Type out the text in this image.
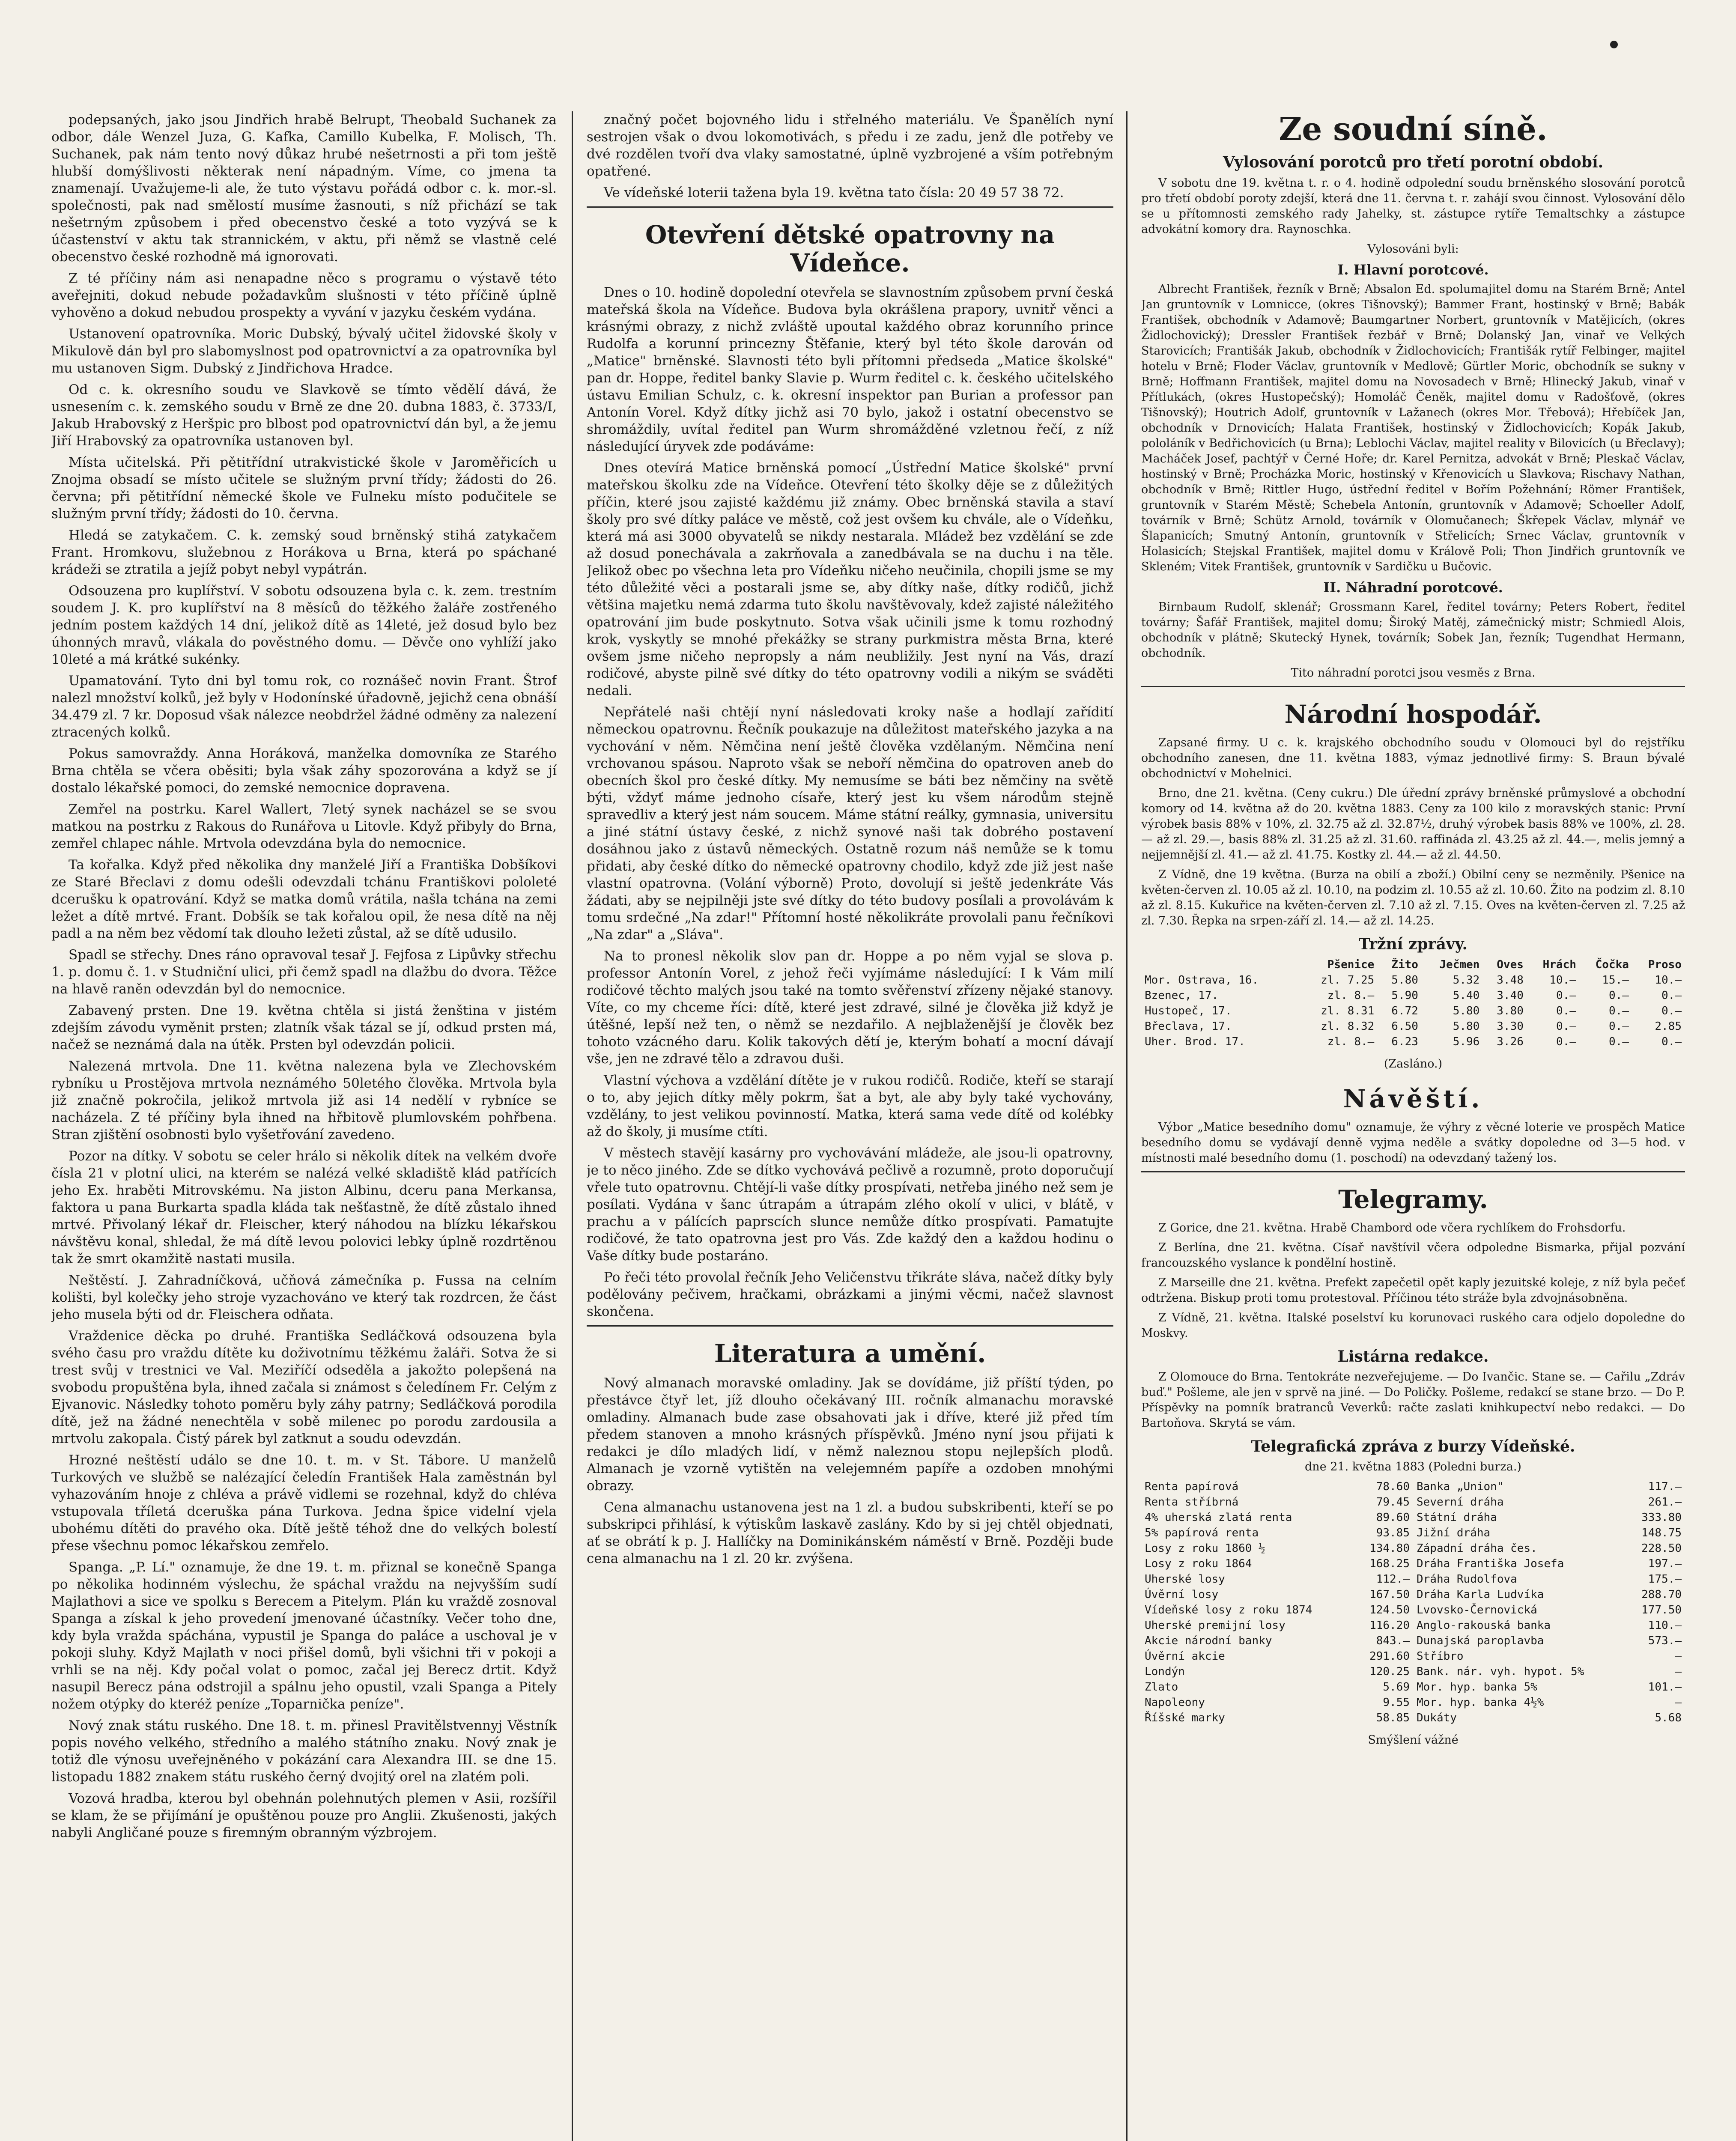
podepsaných, jako jsou Jindřich hrabě Belrupt, Theobald Suchanek za odbor, dále Wenzel Juza, G. Kafka, Camillo Kubelka, F. Molisch, Th. Suchanek, pak nám tento nový důkaz hrubé nešetrnosti a při tom ještě hlubší domýšlivosti některak není nápadným. Víme, co jmena ta znamenají. Uvažujeme-li ale, že tuto výstavu pořádá odbor c. k. mor.-sl. společnosti, pak nad smělostí musíme žasnouti, s níž přichází se tak nešetrným způsobem i před obecenstvo české a toto vyzývá se k účastenství v aktu tak strannickém, v aktu, při němž se vlastně celé obecenstvo české rozhodně má ignorovati.

Z té příčiny nám asi nenapadne něco s programu o výstavě této aveřejniti, dokud nebude požadavkům slušnosti v této příčině úplně vyhověno a dokud nebudou prospekty a vyvání v jazyku českém vydána.

Ustanovení opatrovníka. Moric Dubský, bývalý učitel židovské školy v Mikulově dán byl pro slabomyslnost pod opatrovnictví a za opatrovníka byl mu ustanoven Sigm. Dubský z Jindřichova Hradce.

Od c. k. okresního soudu ve Slavkově se tímto vědělí dává, že usnesením c. k. zemského soudu v Brně ze dne 20. dubna 1883, č. 3733/I, Jakub Hrabovský z Heršpic pro blbost pod opatrovnictví dán byl, a že jemu Jiří Hrabovský za opatrovníka ustanoven byl.

Místa učitelská. Při pětitřídní utrakvistické škole v Jaroměřicích u Znojma obsadí se místo učitele se služným první třídy; žádosti do 26. června; při pětitřídní německé škole ve Fulneku místo podučitele se služným první třídy; žádosti do 10. června.

Hledá se zatykačem. C. k. zemský soud brněnský stihá zatykačem Frant. Hromkovu, služebnou z Horákova u Brna, která po spáchané krádeži se ztratila a jejíž pobyt nebyl vypátrán.

Odsouzena pro kuplířství. V sobotu odsouzena byla c. k. zem. trestním soudem J. K. pro kuplířství na 8 měsíců do těžkého žaláře zostřeného jedním postem každých 14 dní, jelikož dítě as 14leté, jež dosud bylo bez úhonných mravů, vlákala do pověstného domu. — Děvče ono vyhlíží jako 10leté a má krátké sukénky.

Upamatování. Tyto dni byl tomu rok, co roznášeč novin Frant. Štrof nalezl množství kolků, jež byly v Hodonínské úřadovně, jejichž cena obnáší 34.479 zl. 7 kr. Doposud však nálezce neobdržel žádné odměny za nalezení ztracených kolků.

Pokus samovraždy. Anna Horáková, manželka domovníka ze Starého Brna chtěla se včera oběsiti; byla však záhy spozorována a když se jí dostalo lékařské pomoci, do zemské nemocnice dopravena.

Zemřel na postrku. Karel Wallert, 7letý synek nacházel se se svou matkou na postrku z Rakous do Runářova u Litovle. Když přibyly do Brna, zemřel chlapec náhle. Mrtvola odevzdána byla do nemocnice.

Ta kořalka. Když před několika dny manželé Jiří a Františka Dobšíkovi ze Staré Břeclavi z domu odešli odevzdali tchánu Františkovi pololeté dcerušku k opatrování. Když se matka domů vrátila, našla tchána na zemi ležet a dítě mrtvé. Frant. Dobšík se tak kořalou opil, že nesa dítě na něj padl a na něm bez vědomí tak dlouho ležeti zůstal, až se dítě udusilo.

Spadl se střechy. Dnes ráno opravoval tesař J. Fejfosa z Lipůvky střechu 1. p. domu č. 1. v Studniční ulici, při čemž spadl na dlažbu do dvora. Těžce na hlavě raněn odevzdán byl do nemocnice.

Zabavený prsten. Dne 19. května chtěla si jistá ženština v jistém zdejším závodu vyměnit prsten; zlatník však tázal se jí, odkud prsten má, načež se neznámá dala na útěk. Prsten byl odevzdán policii.

Nalezená mrtvola. Dne 11. května nalezena byla ve Zlechovském rybníku u Prostějova mrtvola neznámého 50letého člověka. Mrtvola byla již značně pokročila, jelikož mrtvola již asi 14 nedělí v rybníce se nacházela. Z té příčiny byla ihned na hřbitově plumlovském pohřbena. Stran zjištění osobnosti bylo vyšetřování zavedeno.

Pozor na dítky. V sobotu se celer hrálo si několik dítek na velkém dvoře čísla 21 v plotní ulici, na kterém se nalézá velké skladiště klád patřících jeho Ex. hraběti Mitrovskému. Na jiston Albinu, dceru pana Merkansa, faktora u pana Burkarta spadla kláda tak nešťastně, že dítě zůstalo ihned mrtvé. Přivolaný lékař dr. Fleischer, který náhodou na blízku lékařskou návštěvu konal, shledal, že má dítě levou polovici lebky úplně rozdrtěnou tak že smrt okamžitě nastati musila.

Neštěstí. J. Zahradníčková, učňová zámečníka p. Fussa na celním kolišti, byl kolečky jeho stroje vyzachováno ve který tak rozdrcen, že část jeho musela býti od dr. Fleischera odňata.

Vraždenice děcka po druhé. Františka Sedláčková odsouzena byla svého času pro vraždu dítěte ku doživotnímu těžkému žaláři. Sotva že si trest svůj v trestnici ve Val. Meziříčí odseděla a jakožto polepšená na svobodu propuštěna byla, ihned začala si známost s čeledínem Fr. Celým z Ejvanovic. Následky tohoto poměru byly záhy patrny; Sedláčková porodila dítě, jež na žádné nenechtěla v sobě milenec po porodu zardousila a mrtvolu zakopala. Čistý párek byl zatknut a soudu odevzdán.

Hrozné neštěstí událo se dne 10. t. m. v St. Tábore. U manželů Turkových ve službě se nalézající čeledín František Hala zaměstnán byl vyhazováním hnoje z chléva a právě vidlemi se rozehnal, když do chléva vstupovala tříletá dceruška pána Turkova. Jedna špice videlní vjela ubohému dítěti do pravého oka. Dítě ještě téhož dne do velkých bolestí přese všechnu pomoc lékařskou zemřelo.

Spanga. „P. Lí." oznamuje, že dne 19. t. m. přiznal se konečně Spanga po několika hodinném výslechu, že spáchal vraždu na nejvyšším sudí Majlathovi a sice ve spolku s Berecem a Pitelym. Plán ku vraždě zosnoval Spanga a získal k jeho provedení jmenované účastníky. Večer toho dne, kdy byla vražda spáchána, vypustil je Spanga do paláce a uschoval je v pokoji sluhy. Když Majlath v noci přišel domů, byli všichni tři v pokoji a vrhli se na něj. Kdy počal volat o pomoc, začal jej Berecz drtit. Když nasupil Berecz pána odstrojil a spálnu jeho opustil, vzali Spanga a Pitely nožem otýpky do kteréž peníze „Toparnička peníze".

Nový znak státu ruského. Dne 18. t. m. přinesl Pravitělstvennyj Věstník popis nového velkého, středního a malého státního znaku. Nový znak je totiž dle výnosu uveřejněného v pokázání cara Alexandra III. se dne 15. listopadu 1882 znakem státu ruského černý dvojitý orel na zlatém poli.

Vozová hradba, kterou byl obehnán polehnutých plemen v Asii, rozšířil se klam, že se přijímání je opuštěnou pouze pro Anglii. Zkušenosti, jakých nabyli Angličané pouze s firemným obranným výzbrojem.

značný počet bojovného lidu i střelného materiálu. Ve Španělích nyní sestrojen však o dvou lokomotivách, s předu i ze zadu, jenž dle potřeby ve dvé rozdělen tvoří dva vlaky samostatné, úplně vyzbrojené a vším potřebným opatřené.

Ve vídeňské loterii tažena byla 19. května tato čísla: 20 49 57 38 72.

Otevření dětské opatrovny na Vídeňce.

Dnes o 10. hodině dopolední otevřela se slavnostním způsobem první česká mateřská škola na Vídeňce. Budova byla okrášlena prapory, uvnitř věnci a krásnými obrazy, z nichž zvláště upoutal každého obraz korunního prince Rudolfa a korunní princezny Štěfanie, který byl této škole darován od „Matice" brněnské. Slavnosti této byli přítomni předseda „Matice školské" pan dr. Hoppe, ředitel banky Slavie p. Wurm ředitel c. k. českého učitelského ústavu Emilian Schulz, c. k. okresní inspektor pan Burian a professor pan Antonín Vorel. Když dítky jichž asi 70 bylo, jakož i ostatní obecenstvo se shromáždily, uvítal ředitel pan Wurm shromážděné vzletnou řečí, z níž následující úryvek zde podáváme:

Dnes otevírá Matice brněnská pomocí „Ústřední Matice školské" první mateřskou školku zde na Vídeňce. Otevření této školky děje se z důležitých příčin, které jsou zajisté každému již známy. Obec brněnská stavila a staví školy pro své dítky paláce ve městě, což jest ovšem ku chvále, ale o Vídeňku, která má asi 3000 obyvatelů se nikdy nestarala. Mládež bez vzdělání se zde až dosud ponechávala a zakrňovala a zanedbávala se na duchu i na těle. Jelikož obec po všechna leta pro Vídeňku ničeho neučinila, chopili jsme se my této důležité věci a postarali jsme se, aby dítky naše, dítky rodičů, jichž většina majetku nemá zdarma tuto školu navštěvovaly, kdež zajisté náležitého opatrování jim bude poskytnuto. Sotva však učinili jsme k tomu rozhodný krok, vyskytly se mnohé překážky se strany purkmistra města Brna, které ovšem jsme ničeho nepropsly a nám neubližily. Jest nyní na Vás, drazí rodičové, abyste pilně své dítky do této opatrovny vodili a nikým se sváděti nedali.

Nepřátelé naši chtějí nyní následovati kroky naše a hodlají zařídití německou opatrovnu. Řečník poukazuje na důležitost mateřského jazyka a na vychování v něm. Němčina není ještě člověka vzdělaným. Němčina není vrchovanou spásou. Naproto však se neboří němčina do opatroven aneb do obecních škol pro české dítky. My nemusíme se báti bez němčiny na světě býti, vždyť máme jednoho císaře, který jest ku všem národům stejně spravedliv a který jest nám soucem. Máme státní reálky, gymnasia, universitu a jiné státní ústavy české, z nichž synové naši tak dobrého postavení dosáhnou jako z ústavů německých. Ostatně rozum náš nemůže se k tomu přidati, aby české dítko do německé opatrovny chodilo, když zde již jest naše vlastní opatrovna. (Volání výborně) Proto, dovolují si ještě jedenkráte Vás žádati, aby se nejpilněji jste své dítky do této budovy posílali a provolávám k tomu srdečné „Na zdar!" Přítomní hosté několikráte provolali panu řečníkovi „Na zdar" a „Sláva".

Na to pronesl několik slov pan dr. Hoppe a po něm vyjal se slova p. professor Antonín Vorel, z jehož řeči vyjímáme následující: I k Vám milí rodičové těchto malých jsou také na tomto svěřenství zřízeny nějaké stanovy. Víte, co my chceme říci: dítě, které jest zdravé, silné je člověka již když je útěšné, lepší než ten, o němž se nezdařilo. A nejblaženější je člověk bez tohoto vzácného daru. Kolik takových dětí je, kterým bohatí a mocní dávají vše, jen ne zdravé tělo a zdravou duši.

Vlastní výchova a vzdělání dítěte je v rukou rodičů. Rodiče, kteří se starají o to, aby jejich dítky měly pokrm, šat a byt, ale aby byly také vychovány, vzdělány, to jest velikou povinností. Matka, která sama vede dítě od kolébky až do školy, ji musíme ctíti.

V městech stavějí kasárny pro vychovávání mládeže, ale jsou-li opatrovny, je to něco jiného. Zde se dítko vychovává pečlivě a rozumně, proto doporučují vřele tuto opatrovnu. Chtějí-li vaše dítky prospívati, netřeba jiného než sem je posílati. Vydána v šanc útrapám a útrapám zlého okolí v ulici, v blátě, v prachu a v pálících paprscích slunce nemůže dítko prospívati. Pamatujte rodičové, že tato opatrovna jest pro Vás. Zde každý den a každou hodinu o Vaše dítky bude postaráno.

Po řeči této provolal řečník Jeho Veličenstvu třikráte sláva, načež dítky byly podělovány pečivem, hračkami, obrázkami a jinými věcmi, načež slavnost skončena.

Literatura a umění.

Nový almanach moravské omladiny. Jak se dovídáme, již příští týden, po přestávce čtyř let, jíž dlouho očekávaný III. ročník almanachu moravské omladiny. Almanach bude zase obsahovati jak i dříve, které již před tím předem stanoven a mnoho krásných příspěvků. Jméno nyní jsou přijati k redakci je dílo mladých lidí, v němž naleznou stopu nejlepších plodů. Almanach je vzorně vytištěn na velejemném papíře a ozdoben mnohými obrazy.

Cena almanachu ustanovena jest na 1 zl. a budou subskribenti, kteří se po subskripci přihlásí, k výtiskům laskavě zaslány. Kdo by si jej chtěl objednati, ať se obrátí k p. J. Hallíčky na Dominikánském náměstí v Brně. Později bude cena almanachu na 1 zl. 20 kr. zvýšena.

Ze soudní síně.
Vylosování porotců pro třetí porotní období.

V sobotu dne 19. května t. r. o 4. hodině odpolední soudu brněnského slosování porotců pro třetí období poroty zdejší, která dne 11. června t. r. zahájí svou činnost. Vylosování dělo se u přítomnosti zemského rady Jahelky, st. zástupce rytíře Temaltschky a zástupce advokátní komory dra. Raynoschka.

Vylosováni byli:

I. Hlavní porotcové.

Albrecht František, řezník v Brně; Absalon Ed. spolumajitel domu na Starém Brně; Antel Jan gruntovník v Lomnicce, (okres Tišnovský); Bammer Frant, hostinský v Brně; Babák František, obchodník v Adamově; Baumgartner Norbert, gruntovník v Matějicích, (okres Židlochovický); Dressler František řezbář v Brně; Dolanský Jan, vinař ve Velkých Starovicích; Františák Jakub, obchodník v Židlochovicích; Františák rytíř Felbinger, majitel hotelu v Brně; Floder Václav, gruntovník v Medlově; Gürtler Moric, obchodník se sukny v Brně; Hoffmann František, majitel domu na Novosadech v Brně; Hlinecký Jakub, vinař v Přítlukách, (okres Hustopečský); Homoláč Čeněk, majitel domu v Radošťově, (okres Tišnovský); Houtrich Adolf, gruntovník v Lažanech (okres Mor. Třebová); Hřebíček Jan, obchodník v Drnovicích; Halata František, hostinský v Židlochovicích; Kopák Jakub, pololáník v Bedřichovicích (u Brna); Leblochi Václav, majitel reality v Bilovicích (u Břeclavy); Macháček Josef, pachtýř v Černé Hoře; dr. Karel Pernitza, advokát v Brně; Pleskač Václav, hostinský v Brně; Procházka Moric, hostinský v Křenovicích u Slavkova; Rischavy Nathan, obchodník v Brně; Rittler Hugo, ústřední ředitel v Bořím Požehnání; Römer František, gruntovník v Starém Městě; Schebela Antonín, gruntovník v Adamově; Schoeller Adolf, továrník v Brně; Schütz Arnold, továrník v Olomučanech; Škřepek Václav, mlynář ve Šlapanicích; Smutný Antonín, gruntovník v Střelicích; Srnec Václav, gruntovník v Holasicích; Stejskal František, majitel domu v Králově Poli; Thon Jindřich gruntovník ve Skleném; Vitek František, gruntovník v Sardičku u Bučovic.

II. Náhradní porotcové.

Birnbaum Rudolf, sklenář; Grossmann Karel, ředitel továrny; Peters Robert, ředitel továrny; Šafář František, majitel domu; Široký Matěj, zámečnický mistr; Schmiedl Alois, obchodník v plátně; Skutecký Hynek, továrník; Sobek Jan, řezník; Tugendhat Hermann, obchodník.

Tito náhradní porotci jsou vesměs z Brna.

Národní hospodář.

Zapsané firmy. U c. k. krajského obchodního soudu v Olomouci byl do rejstříku obchodního zanesen, dne 11. května 1883, výmaz jednotlivé firmy: S. Braun bývalé obchodnictví v Mohelnici.

Brno, dne 21. května. (Ceny cukru.) Dle úřední zprávy brněnské průmyslové a obchodní komory od 14. května až do 20. května 1883. Ceny za 100 kilo z moravských stanic: První výrobek basis 88% v 10%, zl. 32.75 až zl. 32.87½, druhý výrobek basis 88% ve 100%, zl. 28.— až zl. 29.—, basis 88% zl. 31.25 až zl. 31.60. raffináda zl. 43.25 až zl. 44.—, melis jemný a nejjemnější zl. 41.— až zl. 41.75. Kostky zl. 44.— až zl. 44.50.

Z Vídně, dne 19 května. (Burza na obilí a zboží.) Obilní ceny se nezměnily. Pšenice na květen-červen zl. 10.05 až zl. 10.10, na podzim zl. 10.55 až zl. 10.60. Žito na podzim zl. 8.10 až zl. 8.15. Kukuřice na květen-červen zl. 7.10 až zl. 7.15. Oves na květen-červen zl. 7.25 až zl. 7.30. Řepka na srpen-září zl. 14.— až zl. 14.25.

Tržní zprávy.
	Pšenice	Žito	Ječmen	Oves	Hrách	Čočka	Proso
Mor. Ostrava, 16.	zl. 7.25	5.80	5.32	3.48	10.—	15.—	10.—
Bzenec, 17.	zl. 8.—	5.90	5.40	3.40	0.—	0.—	0.—
Hustopeč, 17.	zl. 8.31	6.72	5.80	3.80	0.—	0.—	0.—
Břeclava, 17.	zl. 8.32	6.50	5.80	3.30	0.—	0.—	2.85
Uher. Brod. 17.	zl. 8.—	6.23	5.96	3.26	0.—	0.—	0.—

(Zasláno.)

Návěští.

Výbor „Matice besedního domu" oznamuje, že výhry z věcné loterie ve prospěch Matice besedního domu se vydávají denně vyjma neděle a svátky dopoledne od 3—5 hod. v místnosti malé besedního domu (1. poschodí) na odevzdaný tažený los.

Telegramy.

Z Gorice, dne 21. května. Hrabě Chambord ode včera rychlíkem do Frohsdorfu.

Z Berlína, dne 21. května. Císař navštívil včera odpoledne Bismarka, přijal pozvání francouzského vyslance k pondělní hostině.

Z Marseille dne 21. května. Prefekt zapečetil opět kaply jezuitské koleje, z níž byla pečeť odtržena. Biskup proti tomu protestoval. Příčinou této stráže byla zdvojnásobněna.

Z Vídně, 21. května. Italské poselství ku korunovaci ruského cara odjelo dopoledne do Moskvy.

Listárna redakce.

Z Olomouce do Brna. Tentokráte nezveřejujeme. — Do Ivančic. Stane se. — Cařilu „Zdráv buď." Pošleme, ale jen v sprvě na jiné. — Do Poličky. Pošleme, redakcí se stane brzo. — Do P. Příspěvky na pomník bratranců Veverků: račte zaslati knihkupectví nebo redakci. — Do Bartoňova. Skrytá se vám.

Telegrafická zpráva z burzy Vídeňské.

dne 21. května 1883 (Poledni burza.)

Renta papírová	78.60	Banka „Union"	117.—
Renta stříbrná	79.45	Severní dráha	261.—
4% uherská zlatá renta	89.60	Státní dráha	333.80
5% papírová renta	93.85	Jižní dráha	148.75
Losy z roku 1860 ½	134.80	Západní dráha čes.	228.50
Losy z roku 1864	168.25	Dráha Františka Josefa	197.—
Uherské losy	112.—	Dráha Rudolfova	175.—
Úvěrní losy	167.50	Dráha Karla Ludvíka	288.70
Vídeňské losy z roku 1874	124.50	Lvovsko-Černovická	177.50
Uherské premijní losy	116.20	Anglo-rakouská banka	110.—
Akcie národní banky	843.—	Dunajská paroplavba	573.—
Úvěrní akcie	291.60	Stříbro	—
Londýn	120.25	Bank. nár. vyh. hypot. 5%	—
Zlato	5.69	Mor. hyp. banka 5%	101.—
Napoleony	9.55	Mor. hyp. banka 4½%	—
Říšské marky	58.85	Dukáty	5.68

Smýšlení vážné
